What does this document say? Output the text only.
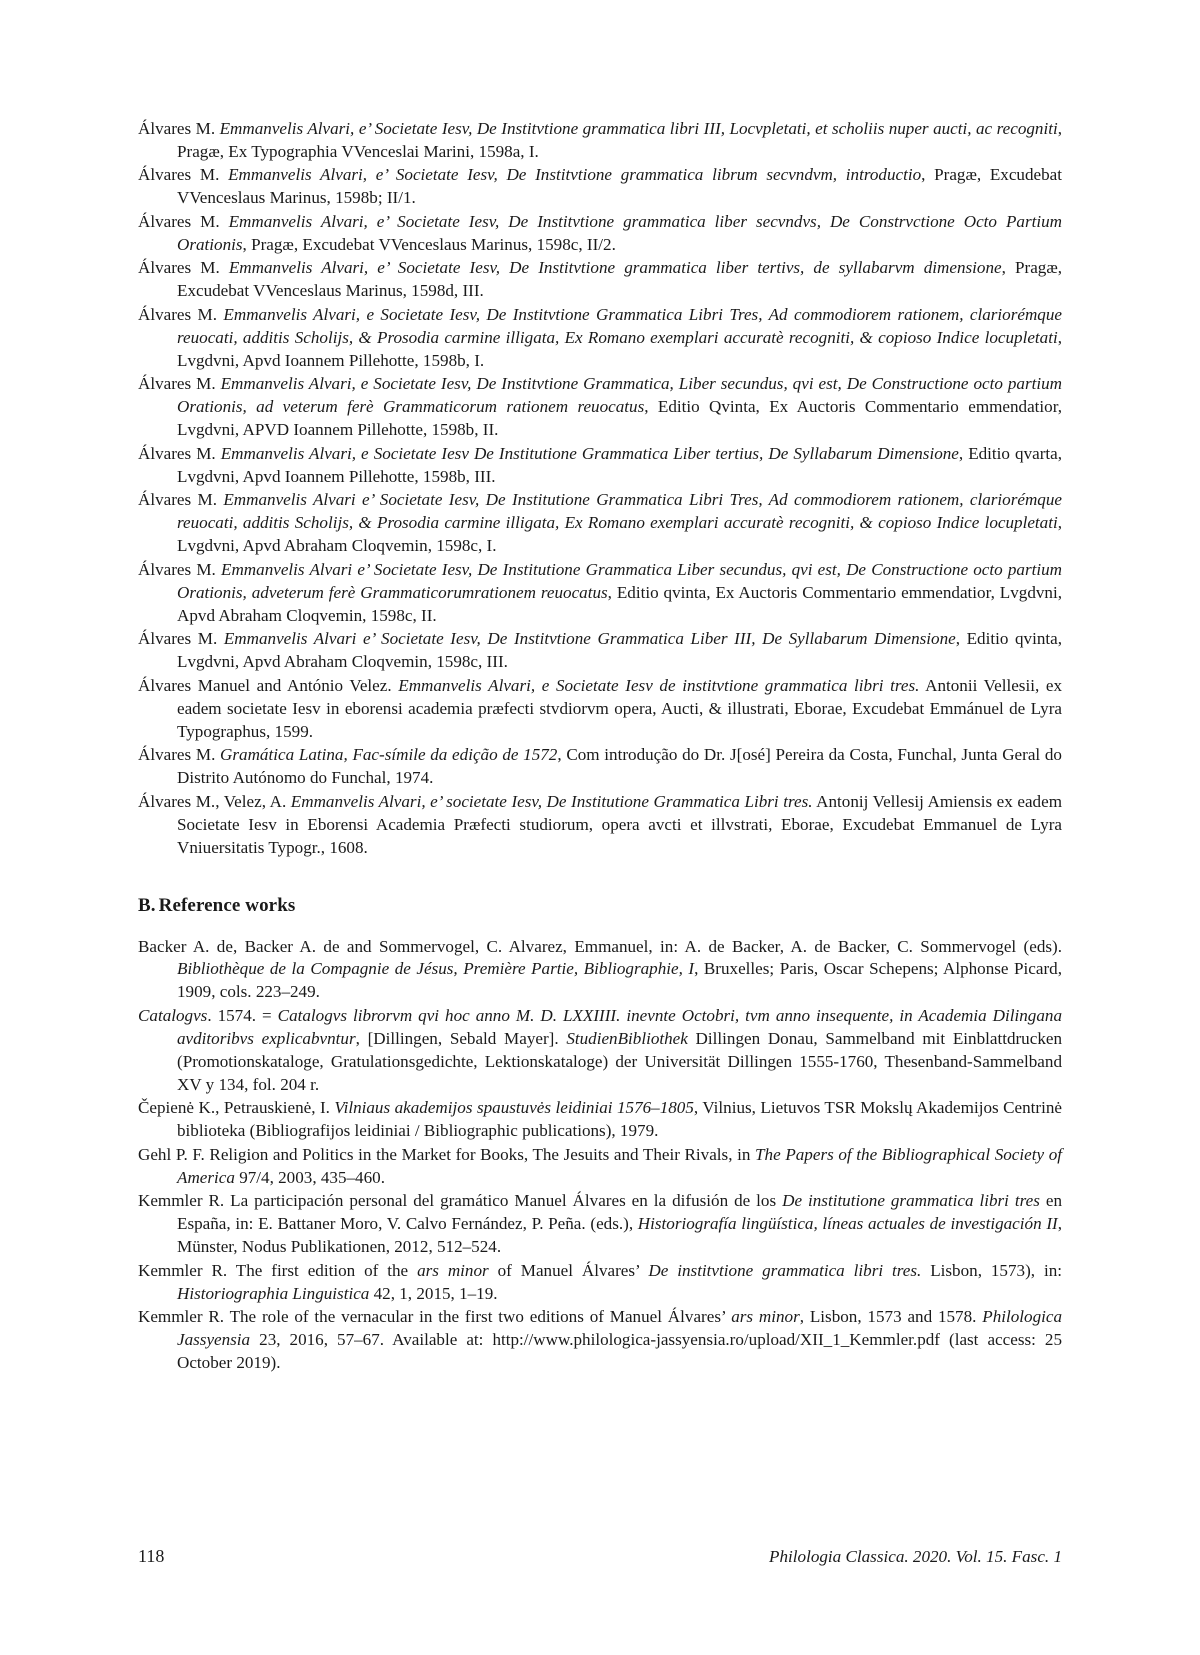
Álvares M. Emmanvelis Alvari, e’ Societate Iesv, De Institvtione grammatica libri III, Locvpletati, et scholiis nuper aucti, ac recogniti, Pragæ, Ex Typographia VVenceslai Marini, 1598a, I.
Álvares M. Emmanvelis Alvari, e’ Societate Iesv, De Institvtione grammatica librum secvndvm, introductio, Pragæ, Excudebat VVenceslaus Marinus, 1598b; II/1.
Álvares M. Emmanvelis Alvari, e’ Societate Iesv, De Institvtione grammatica liber secvndvs, De Constrvctione Octo Partium Orationis, Pragæ, Excudebat VVenceslaus Marinus, 1598c, II/2.
Álvares M. Emmanvelis Alvari, e’ Societate Iesv, De Institvtione grammatica liber tertivs, de syllabarvm dimensione, Pragæ, Excudebat VVenceslaus Marinus, 1598d, III.
Álvares M. Emmanvelis Alvari, e Societate Iesv, De Institvtione Grammatica Libri Tres, Ad commodiorem rationem, clariorémque reuocati, additis Scholijs, & Prosodia carmine illigata, Ex Romano exemplari accuratè recogniti, & copioso Indice locupletati, Lvgdvni, Apvd Ioannem Pillehotte, 1598b, I.
Álvares M. Emmanvelis Alvari, e Societate Iesv, De Institvtione Grammatica, Liber secundus, qvi est, De Constructione octo partium Orationis, ad veterum ferè Grammaticorum rationem reuocatus, Editio Qvinta, Ex Auctoris Commentario emmendatior, Lvgdvni, APVD Ioannem Pillehotte, 1598b, II.
Álvares M. Emmanvelis Alvari, e Societate Iesv De Institutione Grammatica Liber tertius, De Syllabarum Dimensione, Editio qvarta, Lvgdvni, Apvd Ioannem Pillehotte, 1598b, III.
Álvares M. Emmanvelis Alvari e’ Societate Iesv, De Institutione Grammatica Libri Tres, Ad commodiorem rationem, clariorémque reuocati, additis Scholijs, & Prosodia carmine illigata, Ex Romano exemplari accuratè recogniti, & copioso Indice locupletati, Lvgdvni, Apvd Abraham Cloqvemin, 1598c, I.
Álvares M. Emmanvelis Alvari e’ Societate Iesv, De Institutione Grammatica Liber secundus, qvi est, De Constructione octo partium Orationis, adveterum ferè Grammaticorumrationem reuocatus, Editio qvinta, Ex Auctoris Commentario emmendatior, Lvgdvni, Apvd Abraham Cloqvemin, 1598c, II.
Álvares M. Emmanvelis Alvari e’ Societate Iesv, De Institvtione Grammatica Liber III, De Syllabarum Dimensione, Editio qvinta, Lvgdvni, Apvd Abraham Cloqvemin, 1598c, III.
Álvares Manuel and António Velez. Emmanvelis Alvari, e Societate Iesv de institvtione grammatica libri tres. Antonii Vellesii, ex eadem societate Iesv in eborensi academia præfecti stvdiorvm opera, Aucti, & illustrati, Eborae, Excudebat Emmánuel de Lyra Typographus, 1599.
Álvares M. Gramática Latina, Fac-símile da edição de 1572, Com introdução do Dr. J[osé] Pereira da Costa, Funchal, Junta Geral do Distrito Autónomo do Funchal, 1974.
Álvares M., Velez, A. Emmanvelis Alvari, e’ societate Iesv, De Institutione Grammatica Libri tres. Antonij Vellesij Amiensis ex eadem Societate Iesv in Eborensi Academia Præfecti studiorum, opera avcti et illvstrati, Eborae, Excudebat Emmanuel de Lyra Vniuersitatis Typogr., 1608.
B. Reference works
Backer A. de, Backer A. de and Sommervogel, C. Alvarez, Emmanuel, in: A. de Backer, A. de Backer, C. Sommervogel (eds). Bibliothèque de la Compagnie de Jésus, Première Partie, Bibliographie, I, Bruxelles; Paris, Oscar Schepens; Alphonse Picard, 1909, cols. 223–249.
Catalogvs. 1574. = Catalogvs librorvm qvi hoc anno M. D. LXXIIII. inevnte Octobri, tvm anno insequente, in Academia Dilingana avditoribvs explicabvntur, [Dillingen, Sebald Mayer]. StudienBibliothek Dillingen Donau, Sammelband mit Einblattdrucken (Promotionskataloge, Gratulationsgedichte, Lektionskataloge) der Universität Dillingen 1555-1760, Thesenband-Sammelband XV y 134, fol. 204 r.
Čepienė K., Petrauskienė, I. Vilniaus akademijos spaustuvės leidiniai 1576–1805, Vilnius, Lietuvos TSR Mokslų Akademijos Centrinė biblioteka (Bibliografijos leidiniai / Bibliographic publications), 1979.
Gehl P. F. Religion and Politics in the Market for Books, The Jesuits and Their Rivals, in The Papers of the Bibliographical Society of America 97/4, 2003, 435–460.
Kemmler R. La participación personal del gramático Manuel Álvares en la difusión de los De institutione grammatica libri tres en España, in: E. Battaner Moro, V. Calvo Fernández, P. Peña. (eds.), Historiografía lingüística, líneas actuales de investigación II, Münster, Nodus Publikationen, 2012, 512–524.
Kemmler R. The first edition of the ars minor of Manuel Álvares’ De institvtione grammatica libri tres. Lisbon, 1573), in: Historiographia Linguistica 42, 1, 2015, 1–19.
Kemmler R. The role of the vernacular in the first two editions of Manuel Álvares’ ars minor, Lisbon, 1573 and 1578. Philologica Jassyensia 23, 2016, 57–67. Available at: http://www.philologica-jassyensia.ro/upload/XII_1_Kemmler.pdf (last access: 25 October 2019).
118	Philologia Classica. 2020. Vol. 15. Fasc. 1
